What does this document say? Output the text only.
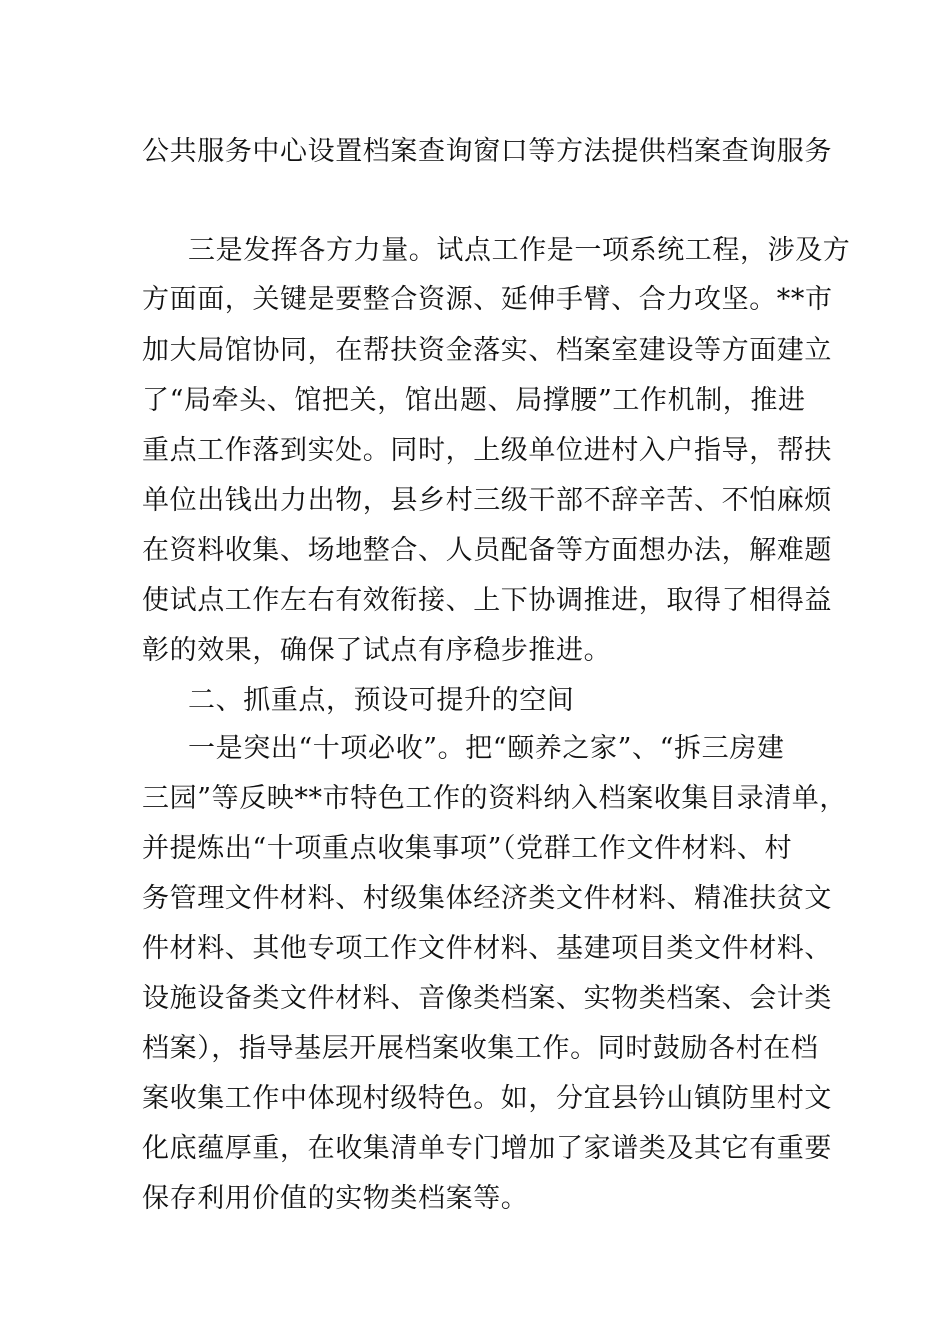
公共服务中心设置档案查询窗口等方法提供档案查询服务
三是发挥各方力量。试点工作是一项系统工程，涉及方
方面面，关键是要整合资源、延伸手臂、合力攻坚。**市
加大局馆协同，在帮扶资金落实、档案室建设等方面建立
了“局牵头、馆把关，馆出题、局撑腰”工作机制，推进
重点工作落到实处。同时，上级单位进村入户指导，帮扶
单位出钱出力出物，县乡村三级干部不辞辛苦、不怕麻烦
在资料收集、场地整合、人员配备等方面想办法，解难题
使试点工作左右有效衔接、上下协调推进，取得了相得益
彰的效果，确保了试点有序稳步推进。
二、抓重点，预设可提升的空间
一是突出“十项必收”。把“颐养之家”、“拆三房建
三园”等反映**市特色工作的资料纳入档案收集目录清单，
并提炼出“十项重点收集事项”（党群工作文件材料、村
务管理文件材料、村级集体经济类文件材料、精准扶贫文
件材料、其他专项工作文件材料、基建项目类文件材料、
设施设备类文件材料、音像类档案、实物类档案、会计类
档案），指导基层开展档案收集工作。同时鼓励各村在档
案收集工作中体现村级特色。如，分宜县钤山镇防里村文
化底蕴厚重，在收集清单专门增加了家谱类及其它有重要
保存利用价值的实物类档案等。
